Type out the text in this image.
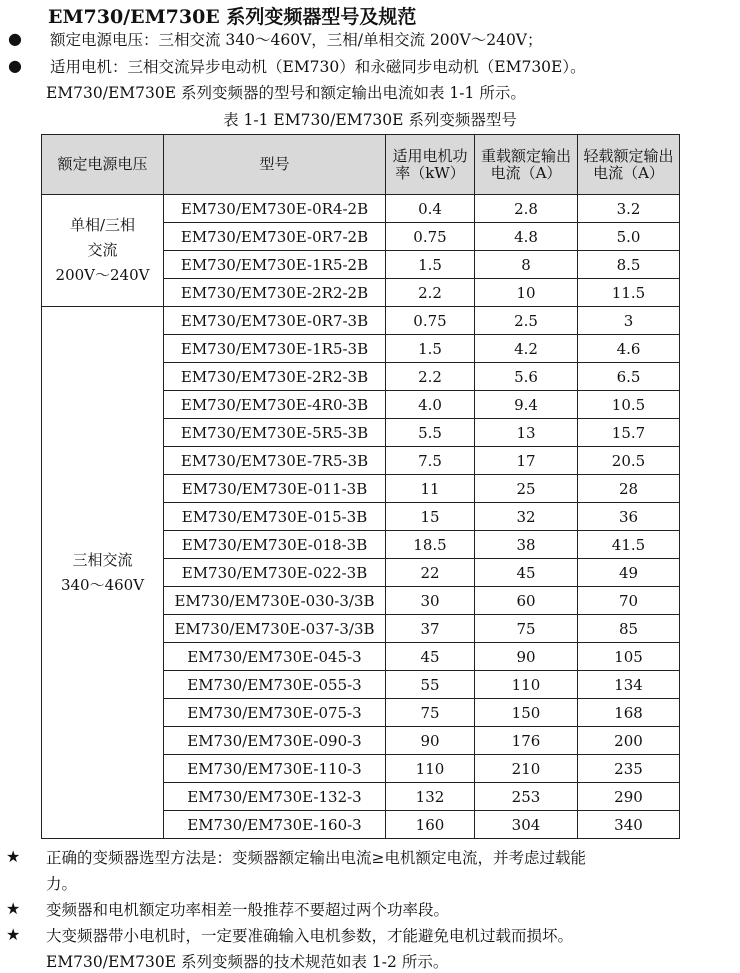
EM730/EM730E 系列变频器型号及规范
● 额定电源电压：三相交流 340～460V，三相/单相交流 200V～240V；
● 适用电机：三相交流异步电动机（EM730）和永磁同步电动机（EM730E）。
EM730/EM730E 系列变频器的型号和额定输出电流如表 1-1 所示。
表 1-1 EM730/EM730E 系列变频器型号
额定电源电压	型号	适用电机功率（kW）	重载额定输出电流（A）	轻载额定输出电流（A）

单相/三相
交流
200V～240V	EM730/EM730E-0R4-2B	0.4	2.8	3.2
	EM730/EM730E-0R7-2B	0.75	4.8	5.0
	EM730/EM730E-1R5-2B	1.5	8	8.5
	EM730/EM730E-2R2-2B	2.2	10	11.5

三相交流
340～460V	EM730/EM730E-0R7-3B	0.75	2.5	3
	EM730/EM730E-1R5-3B	1.5	4.2	4.6
	EM730/EM730E-2R2-3B	2.2	5.6	6.5
	EM730/EM730E-4R0-3B	4.0	9.4	10.5
	EM730/EM730E-5R5-3B	5.5	13	15.7
	EM730/EM730E-7R5-3B	7.5	17	20.5
	EM730/EM730E-011-3B	11	25	28
	EM730/EM730E-015-3B	15	32	36
	EM730/EM730E-018-3B	18.5	38	41.5
	EM730/EM730E-022-3B	22	45	49
	EM730/EM730E-030-3/3B	30	60	70
	EM730/EM730E-037-3/3B	37	75	85
	EM730/EM730E-045-3	45	90	105
	EM730/EM730E-055-3	55	110	134
	EM730/EM730E-075-3	75	150	168
	EM730/EM730E-090-3	90	176	200
	EM730/EM730E-110-3	110	210	235
	EM730/EM730E-132-3	132	253	290
	EM730/EM730E-160-3	160	304	340
★ 正确的变频器选型方法是：变频器额定输出电流≥电机额定电流，并考虑过载能
力。
★ 变频器和电机额定功率相差一般推荐不要超过两个功率段。
★ 大变频器带小电机时，一定要准确输入电机参数，才能避免电机过载而损坏。
EM730/EM730E 系列变频器的技术规范如表 1-2 所示。
